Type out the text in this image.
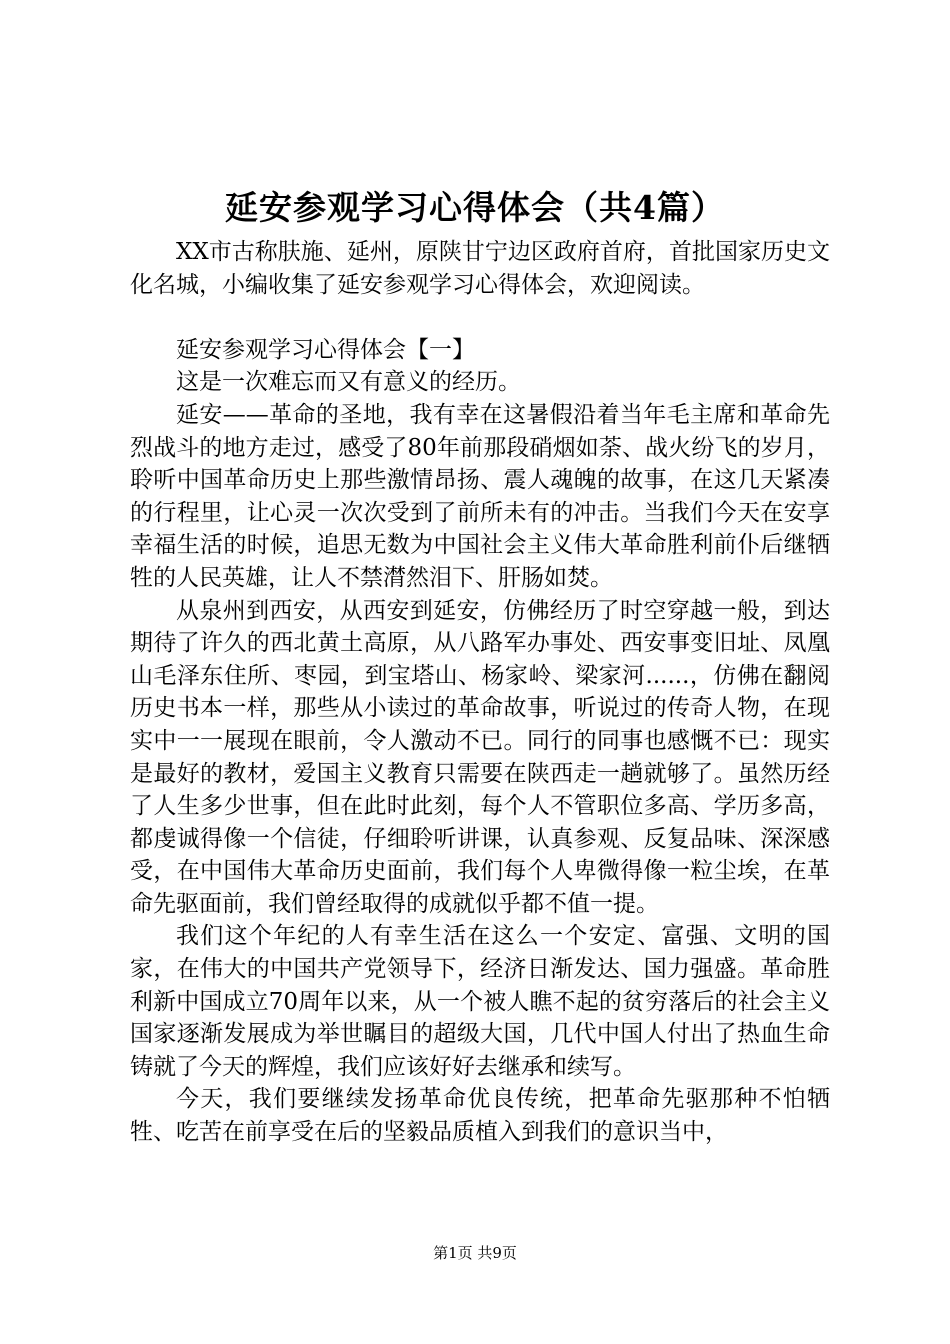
延安参观学习心得体会（共4篇）

XX市古称肤施、延州，原陕甘宁边区政府首府，首批国家历史文化名城，小编收集了延安参观学习心得体会，欢迎阅读。

延安参观学习心得体会【一】

这是一次难忘而又有意义的经历。

延安——革命的圣地，我有幸在这暑假沿着当年毛主席和革命先烈战斗的地方走过，感受了80年前那段硝烟如荼、战火纷飞的岁月，聆听中国革命历史上那些激情昂扬、震人魂魄的故事，在这几天紧凑的行程里，让心灵一次次受到了前所未有的冲击。当我们今天在安享幸福生活的时候，追思无数为中国社会主义伟大革命胜利前仆后继牺牲的人民英雄，让人不禁潸然泪下、肝肠如焚。

从泉州到西安，从西安到延安，仿佛经历了时空穿越一般，到达期待了许久的西北黄土高原，从八路军办事处、西安事变旧址、凤凰山毛泽东住所、枣园，到宝塔山、杨家岭、梁家河......，仿佛在翻阅历史书本一样，那些从小读过的革命故事，听说过的传奇人物，在现实中一一展现在眼前，令人激动不已。同行的同事也感慨不已：现实是最好的教材，爱国主义教育只需要在陕西走一趟就够了。虽然历经了人生多少世事，但在此时此刻，每个人不管职位多高、学历多高，都虔诚得像一个信徒，仔细聆听讲课，认真参观、反复品味、深深感受，在中国伟大革命历史面前，我们每个人卑微得像一粒尘埃，在革命先驱面前，我们曾经取得的成就似乎都不值一提。

我们这个年纪的人有幸生活在这么一个安定、富强、文明的国家，在伟大的中国共产党领导下，经济日渐发达、国力强盛。革命胜利新中国成立70周年以来，从一个被人瞧不起的贫穷落后的社会主义国家逐渐发展成为举世瞩目的超级大国，几代中国人付出了热血生命铸就了今天的辉煌，我们应该好好去继承和续写。

今天，我们要继续发扬革命优良传统，把革命先驱那种不怕牺牲、吃苦在前享受在后的坚毅品质植入到我们的意识当中，

第1页 共9页
